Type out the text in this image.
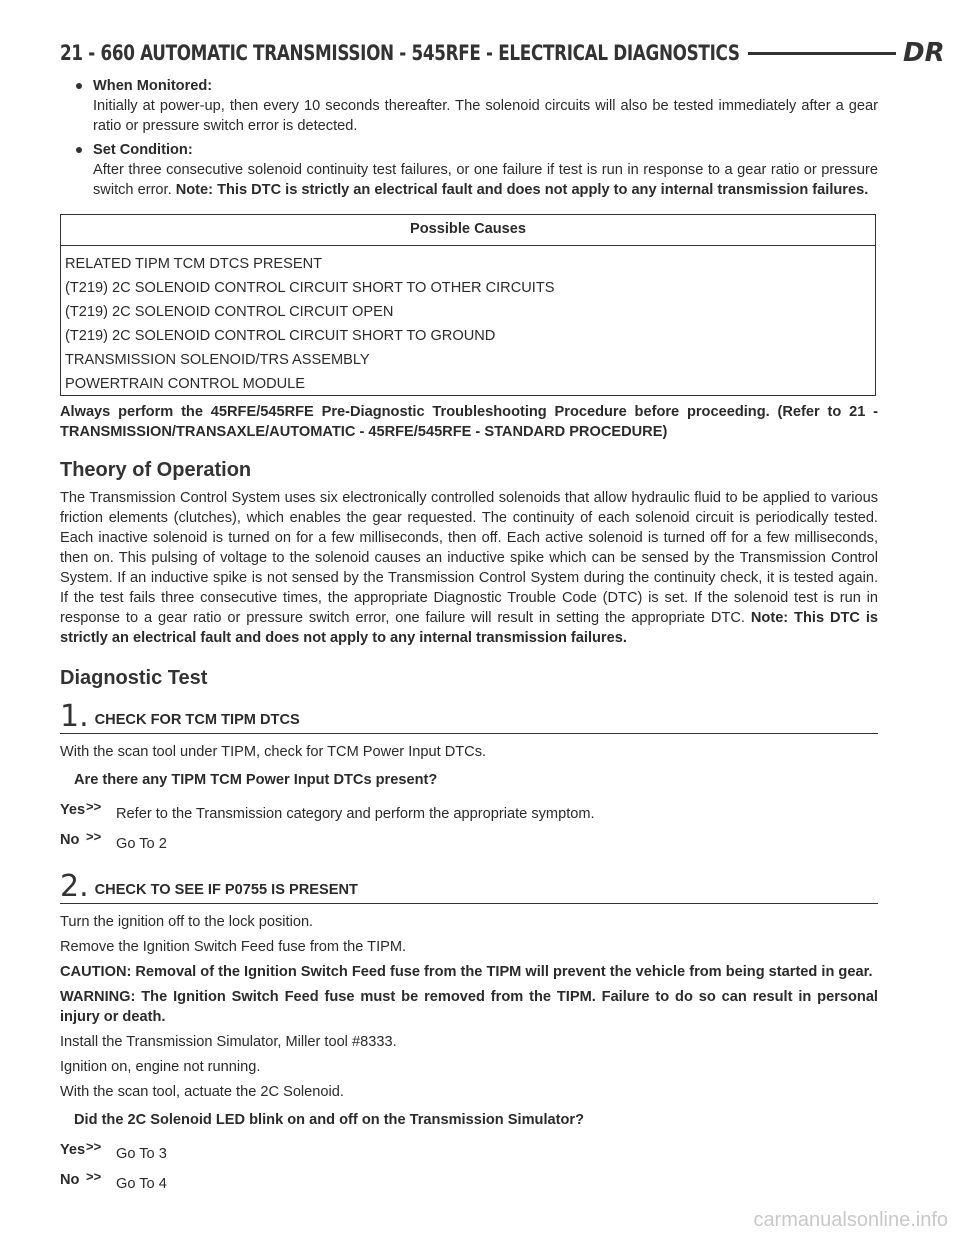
21 - 660 AUTOMATIC TRANSMISSION - 545RFE - ELECTRICAL DIAGNOSTICS	DR
When Monitored:
Initially at power-up, then every 10 seconds thereafter. The solenoid circuits will also be tested immediately after a gear ratio or pressure switch error is detected.
Set Condition:
After three consecutive solenoid continuity test failures, or one failure if test is run in response to a gear ratio or pressure switch error. Note: This DTC is strictly an electrical fault and does not apply to any internal transmission failures.
Possible Causes
RELATED TIPM TCM DTCS PRESENT
(T219) 2C SOLENOID CONTROL CIRCUIT SHORT TO OTHER CIRCUITS
(T219) 2C SOLENOID CONTROL CIRCUIT OPEN
(T219) 2C SOLENOID CONTROL CIRCUIT SHORT TO GROUND
TRANSMISSION SOLENOID/TRS ASSEMBLY
POWERTRAIN CONTROL MODULE

Always perform the 45RFE/545RFE Pre-Diagnostic Troubleshooting Procedure before proceeding. (Refer to 21 - TRANSMISSION/TRANSAXLE/AUTOMATIC - 45RFE/545RFE - STANDARD PROCEDURE)

Theory of Operation

The Transmission Control System uses six electronically controlled solenoids that allow hydraulic fluid to be applied to various friction elements (clutches), which enables the gear requested. The continuity of each solenoid circuit is periodically tested. Each inactive solenoid is turned on for a few milliseconds, then off. Each active solenoid is turned off for a few milliseconds, then on. This pulsing of voltage to the solenoid causes an inductive spike which can be sensed by the Transmission Control System. If an inductive spike is not sensed by the Transmission Control System during the continuity check, it is tested again. If the test fails three consecutive times, the appropriate Diagnostic Trouble Code (DTC) is set. If the solenoid test is run in response to a gear ratio or pressure switch error, one failure will result in setting the appropriate DTC. Note: This DTC is strictly an electrical fault and does not apply to any internal transmission failures.

Diagnostic Test
1. CHECK FOR TCM TIPM DTCS

With the scan tool under TIPM, check for TCM Power Input DTCs.

Are there any TIPM TCM Power Input DTCs present?
Yes >> Refer to the Transmission category and perform the appropriate symptom.
No >> Go To 2
2. CHECK TO SEE IF P0755 IS PRESENT

Turn the ignition off to the lock position.

Remove the Ignition Switch Feed fuse from the TIPM.

CAUTION: Removal of the Ignition Switch Feed fuse from the TIPM will prevent the vehicle from being started in gear.

WARNING: The Ignition Switch Feed fuse must be removed from the TIPM. Failure to do so can result in personal injury or death.

Install the Transmission Simulator, Miller tool #8333.

Ignition on, engine not running.

With the scan tool, actuate the 2C Solenoid.

Did the 2C Solenoid LED blink on and off on the Transmission Simulator?
Yes >> Go To 3
No >> Go To 4
carmanualsonline.info
